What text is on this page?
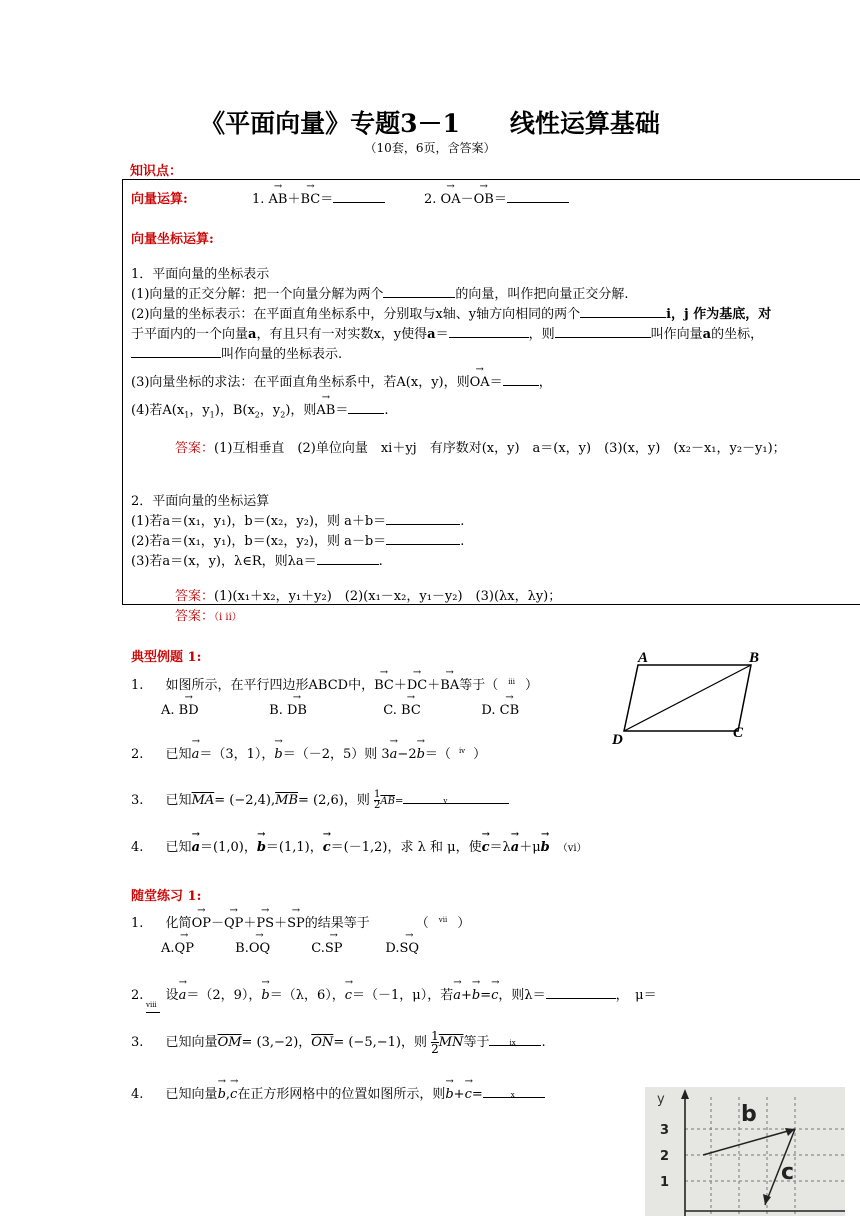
《平面向量》专题3－1　　线性运算基础
（10套，6页，含答案）
知识点：
向量运算:	1. → AB＋→ BC＝	2. → OA－→ OB＝
向量坐标运算:
1．平面向量的坐标表示
(1)向量的正交分解：把一个向量分解为两个	的向量，叫作把向量正交分解.
(2)向量的坐标表示：在平面直角坐标系中，分别取与x轴、y轴方向相同的两个	i，j 作为基底，对
于平面内的一个向量a，有且只有一对实数x，y使得a＝	，则	叫作向量a的坐标，
叫作向量的坐标表示.
(3)向量坐标的求法：在平面直角坐标系中，若A(x，y)，则→ OA＝	，
(4)若$A(x_1$，$y_1$)，$B(x_2$，$y_2$)，则→ AB＝	.
答案：(1)互相垂直　(2)单位向量　xi＋yj　有序数对(x，y)　a＝(x，y)　(3)(x，y)　(x₂－x₁，y₂－y₁)；
2．平面向量的坐标运算
(1)若a＝(x₁，y₁)，b＝(x₂，y₂)，则 a＋b＝	.
(2)若a＝(x₁，y₁)，b＝(x₂，y₂)，则 a－b＝	.
(3)若a＝(x，y)，λ∈R，则λa＝	.
答案：(1)(x₁＋x₂，y₁＋y₂)　(2)(x₁－x₂，y₁－y₂)　(3)(λx，λy)；
答案：（i ii）
典型例题 1:
1. 如图所示，在平行四边形ABCD中，→ BC＋→ DC＋→ BA等于（ $^{iii}$ ）
A. → BD	B. → DB	C. → BC	D. → CB
A	B
C
D
2. 已知→ a＝（3，1），→ b＝（－2，5）则 3→ a−2→ b＝（ $^{iv}$ ）
3. 已知$\overline{MA}= (-2,4),\overline{MB}= (2,6)$，则 $\frac{1}{2} \overline{AB}=$	v
4. 已知→ a＝(1,0)，→ b＝(1,1)，→ c＝(－1,2)，求 λ 和 μ，使→ c＝λ→ a＋μ→ b （vi）
随堂练习 1:
1. 化简→ OP－→ QP＋→ PS＋→ SP的结果等于	（ $^{vii}$ ）
A.→ QP	B.→ OQ	C.→ SP	D.→ SQ
2. 设→ a＝（2，9），→ b＝（λ，6），→ c＝（－1，μ），若→ a+→ b=→ c，则λ＝	，　μ＝
viii
3. 已知向量$\overline{OM}= (3,-2)$，$\overline{ON}= (-5,-1)$，则 $\frac{1}{2} \overline{MN}$等于	ix .
4. 已知向量→ b,→ c在正方形网格中的位置如图所示，则→ b+→ c=	x	y
3
2
1
b
c
